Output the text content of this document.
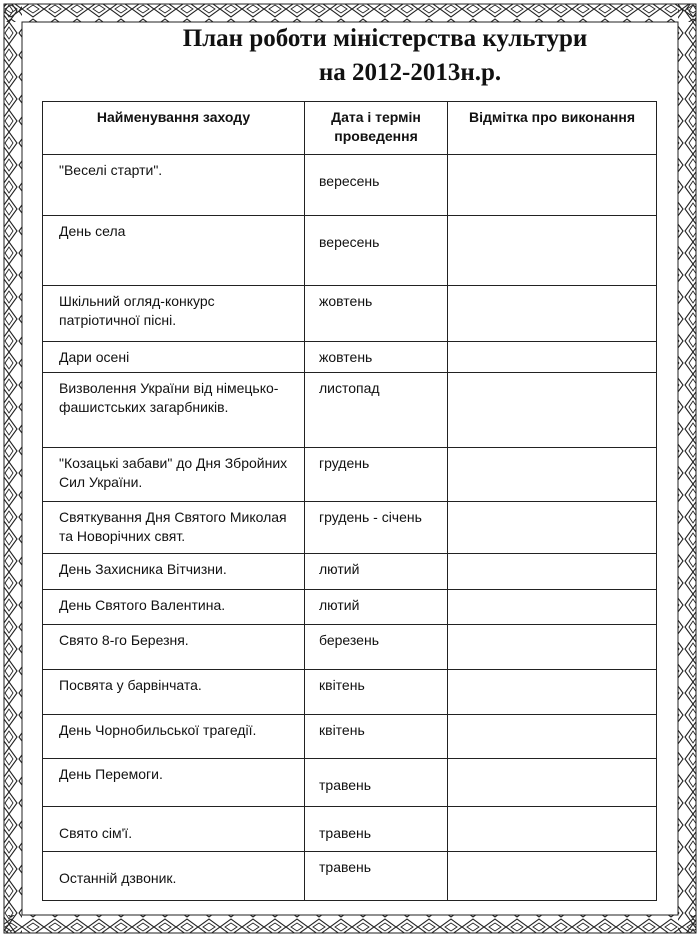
План роботи міністерства культури
на 2012-2013н.р.
Найменування заходу	Дата і термін проведення	Відмітка про виконання
"Веселі старти".	вересень	
День села	вересень	
Шкільний огляд-конкурс патріотичної пісні.	жовтень	
Дари осені	жовтень	
Визволення України від німецько-фашистських загарбників.	листопад	
"Козацькі забави" до Дня Збройних Сил України.	грудень	
Святкування Дня Святого Миколая та Новорічних свят.	грудень - січень	
День Захисника Вітчизни.	лютий	
День Святого Валентина.	лютий	
Свято 8-го Березня.	березень	
Посвята у барвінчата.	квітень	
День Чорнобильської трагедії.	квітень	
День Перемоги.	травень	
Свято сім'ї.	травень	
Останній дзвоник.	травень	
